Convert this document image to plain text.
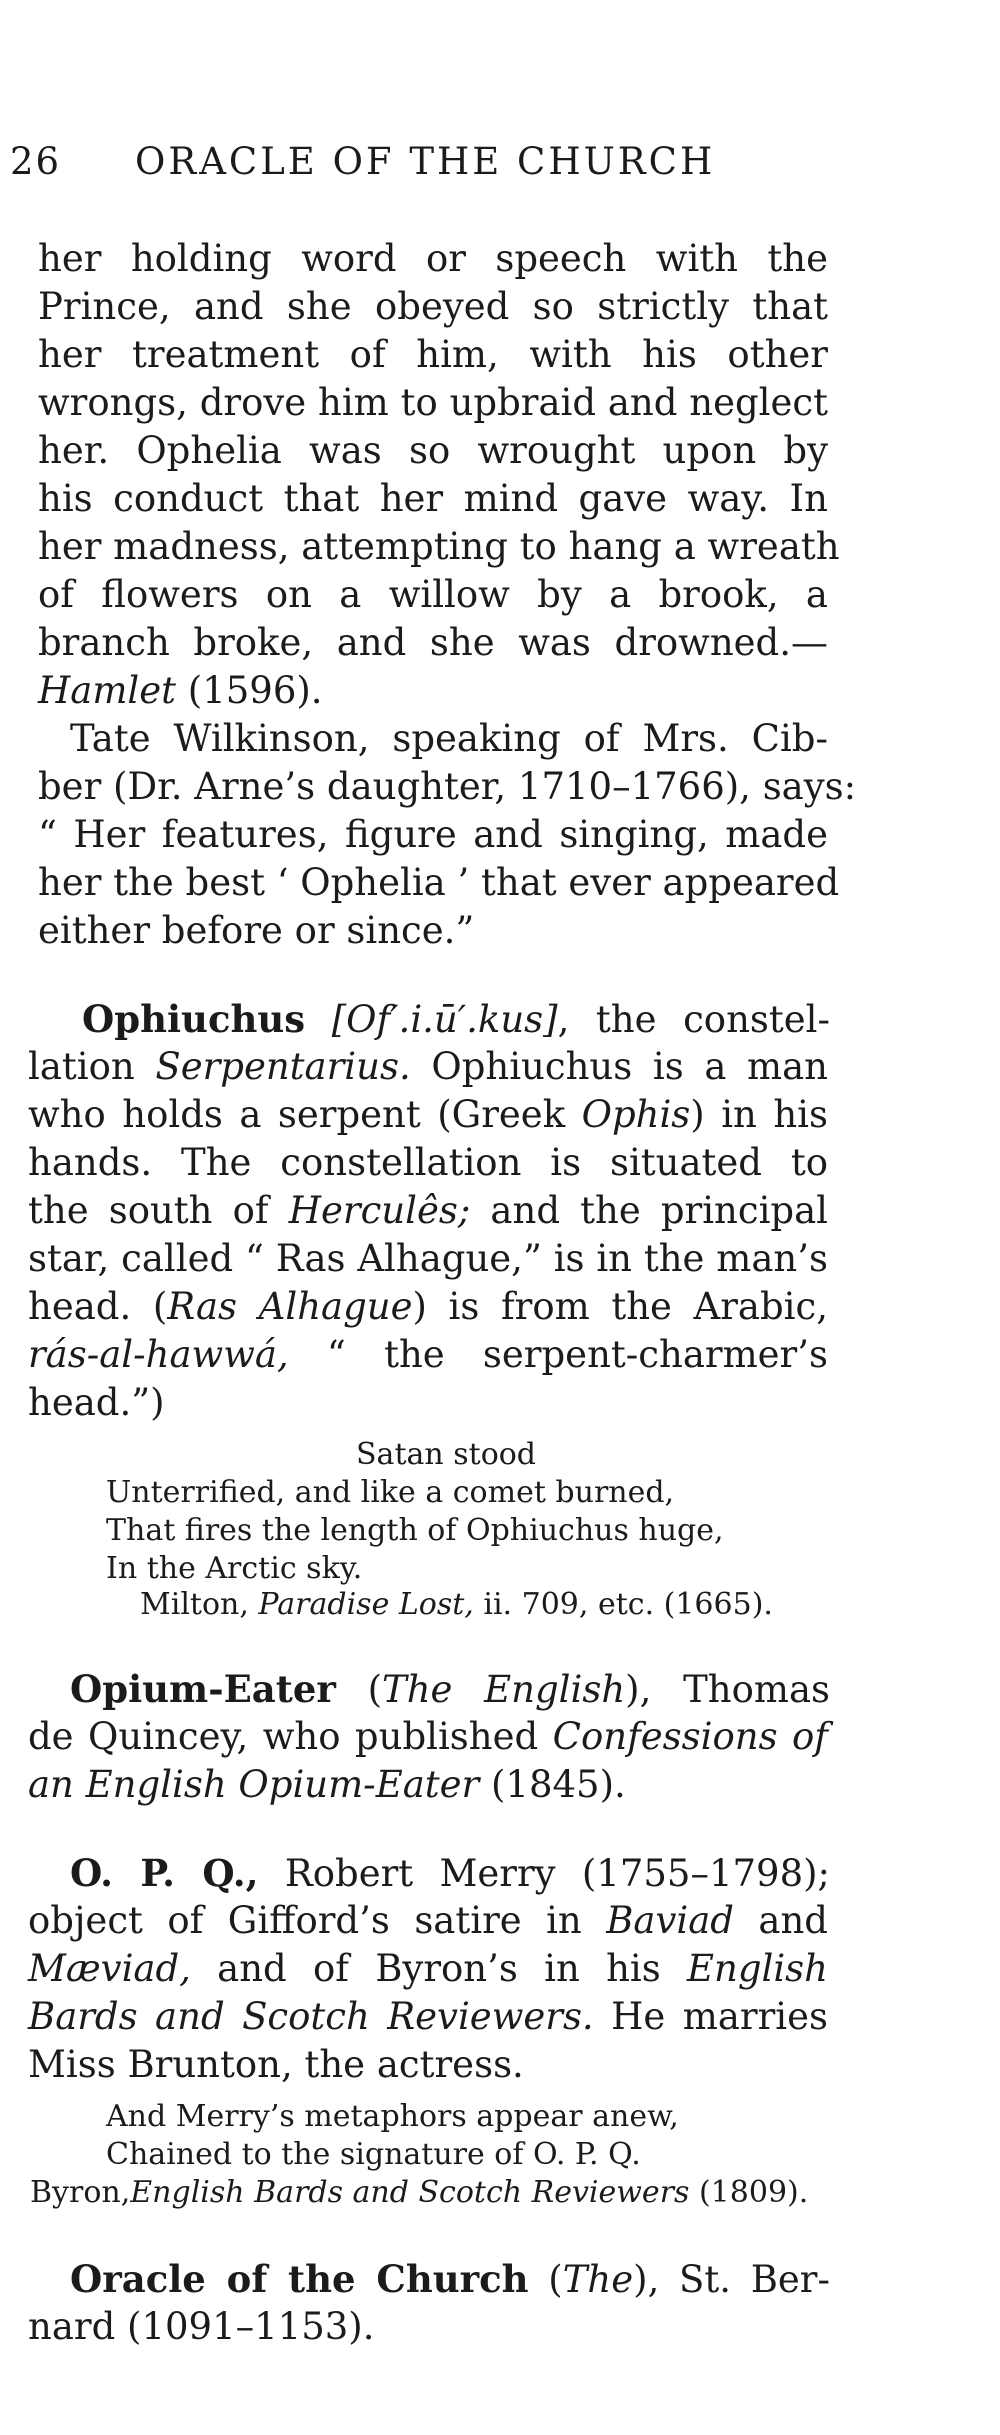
26 ORACLE OF THE CHURCH
her holding word or speech with the
Prince, and she obeyed so strictly that
her treatment of him, with his other
wrongs, drove him to upbraid and neglect
her. Ophelia was so wrought upon by
his conduct that her mind gave way. In
her madness, attempting to hang a wreath
of flowers on a willow by a brook, a
branch broke, and she was drowned.—
Hamlet (1596).
Tate Wilkinson, speaking of Mrs. Cib-
ber (Dr. Arne’s daughter, 1710–1766), says:
“ Her features, figure and singing, made
her the best ‘ Ophelia ’ that ever appeared
either before or since.”
Ophiuchus [Of′.i.ū′.kus], the constel-
lation Serpentarius. Ophiuchus is a man
who holds a serpent (Greek Ophis) in his
hands. The constellation is situated to
the south of Herculês; and the principal
star, called “ Ras Alhague,” is in the man’s
head. (Ras Alhague) is from the Arabic,
rás-al-hawwá, “ the serpent-charmer’s
head.”)
Satan stood
Unterrified, and like a comet burned,
That fires the length of Ophiuchus huge,
In the Arctic sky.
Milton, Paradise Lost, ii. 709, etc. (1665).
Opium-Eater (The English), Thomas
de Quincey, who published Confessions of
an English Opium-Eater (1845).
O. P. Q., Robert Merry (1755–1798);
object of Gifford’s satire in Baviad and
Mæviad, and of Byron’s in his English
Bards and Scotch Reviewers. He marries
Miss Brunton, the actress.
And Merry’s metaphors appear anew,
Chained to the signature of O. P. Q.
Byron,English Bards and Scotch Reviewers (1809).
Oracle of the Church (The), St. Ber-
nard (1091–1153).
